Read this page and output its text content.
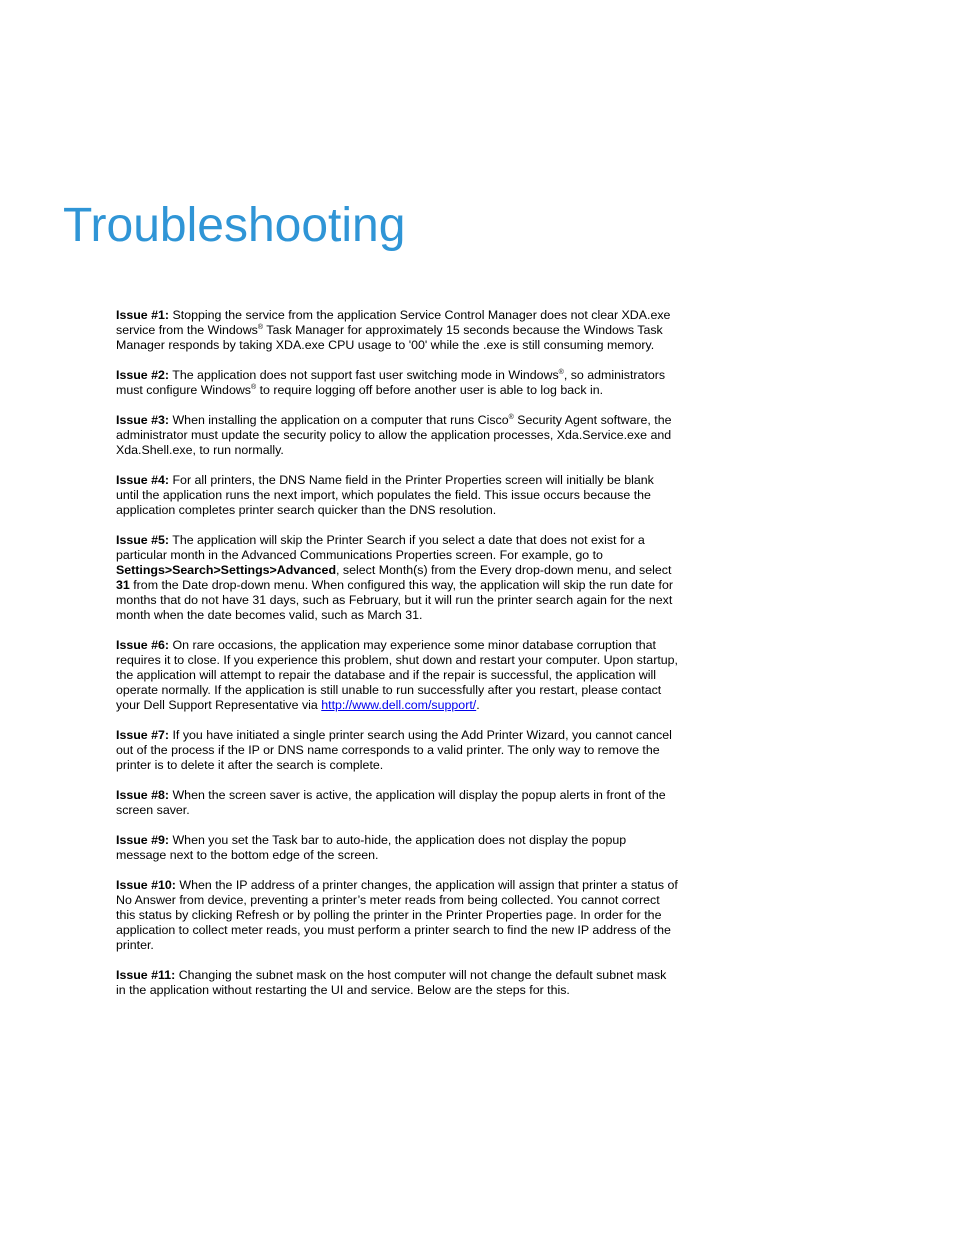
Troubleshooting

Issue #1: Stopping the service from the application Service Control Manager does not clear XDA.exe service from the Windows® Task Manager for approximately 15 seconds because the Windows Task Manager responds by taking XDA.exe CPU usage to '00' while the .exe is still consuming memory.

Issue #2: The application does not support fast user switching mode in Windows®, so administrators must configure Windows® to require logging off before another user is able to log back in.

Issue #3: When installing the application on a computer that runs Cisco® Security Agent software, the administrator must update the security policy to allow the application processes, Xda.Service.exe and Xda.Shell.exe, to run normally.

Issue #4: For all printers, the DNS Name field in the Printer Properties screen will initially be blank until the application runs the next import, which populates the field. This issue occurs because the application completes printer search quicker than the DNS resolution.

Issue #5: The application will skip the Printer Search if you select a date that does not exist for a particular month in the Advanced Communications Properties screen. For example, go to Settings>Search>Settings>Advanced, select Month(s) from the Every drop-down menu, and select 31 from the Date drop-down menu. When configured this way, the application will skip the run date for months that do not have 31 days, such as February, but it will run the printer search again for the next month when the date becomes valid, such as March 31.

Issue #6: On rare occasions, the application may experience some minor database corruption that requires it to close. If you experience this problem, shut down and restart your computer. Upon startup, the application will attempt to repair the database and if the repair is successful, the application will operate normally. If the application is still unable to run successfully after you restart, please contact your Dell Support Representative via http://www.dell.com/support/.

Issue #7: If you have initiated a single printer search using the Add Printer Wizard, you cannot cancel out of the process if the IP or DNS name corresponds to a valid printer. The only way to remove the printer is to delete it after the search is complete.

Issue #8: When the screen saver is active, the application will display the popup alerts in front of the screen saver.

Issue #9: When you set the Task bar to auto-hide, the application does not display the popup message next to the bottom edge of the screen.

Issue #10: When the IP address of a printer changes, the application will assign that printer a status of No Answer from device, preventing a printer’s meter reads from being collected. You cannot correct this status by clicking Refresh or by polling the printer in the Printer Properties page. In order for the application to collect meter reads, you must perform a printer search to find the new IP address of the printer.

Issue #11: Changing the subnet mask on the host computer will not change the default subnet mask in the application without restarting the UI and service. Below are the steps for this.
